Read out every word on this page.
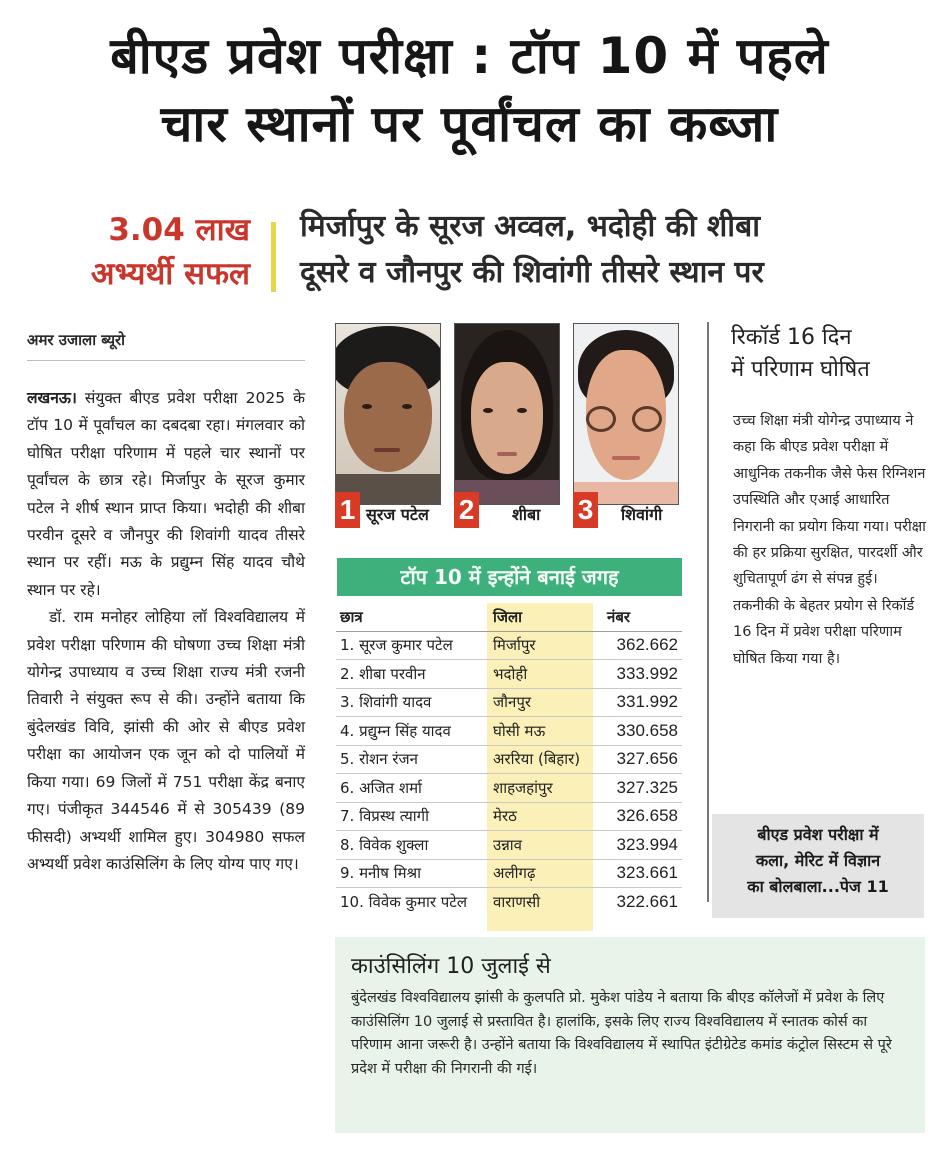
बीएड प्रवेश परीक्षा : टॉप 10 में पहले
चार स्थानों पर पूर्वांचल का कब्जा
3.04 लाख
अभ्यर्थी सफल
मिर्जापुर के सूरज अव्वल, भदोही की शीबा
दूसरे व जौनपुर की शिवांगी तीसरे स्थान पर
अमर उजाला ब्यूरो

लखनऊ। संयुक्त बीएड प्रवेश परीक्षा 2025 के टॉप 10 में पूर्वांचल का दबदबा रहा। मंगलवार को घोषित परीक्षा परिणाम में पहले चार स्थानों पर पूर्वांचल के छात्र रहे। मिर्जापुर के सूरज कुमार पटेल ने शीर्ष स्थान प्राप्त किया। भदोही की शीबा परवीन दूसरे व जौनपुर की शिवांगी यादव तीसरे स्थान पर रहीं। मऊ के प्रद्युम्न सिंह यादव चौथे स्थान पर रहे।

डॉ. राम मनोहर लोहिया लॉ विश्वविद्यालय में प्रवेश परीक्षा परिणाम की घोषणा उच्च शिक्षा मंत्री योगेन्द्र उपाध्याय व उच्च शिक्षा राज्य मंत्री रजनी तिवारी ने संयुक्त रूप से की। उन्होंने बताया कि बुंदेलखंड विवि, झांसी की ओर से बीएड प्रवेश परीक्षा का आयोजन एक जून को दो पालियों में किया गया। 69 जिलों में 751 परीक्षा केंद्र बनाए गए। पंजीकृत 344546 में से 305439 (89 फीसदी) अभ्यर्थी शामिल हुए। 304980 सफल अभ्यर्थी प्रवेश काउंसिलिंग के लिए योग्य पाए गए।

1 सूरज पटेल 2 शीबा 3 शिवांगी
टॉप 10 में इन्होंने बनाई जगह
छात्र	जिला	नंबर
1. सूरज कुमार पटेल	मिर्जापुर	362.662
2. शीबा परवीन	भदोही	333.992
3. शिवांगी यादव	जौनपुर	331.992
4. प्रद्युम्न सिंह यादव	घोसी मऊ	330.658
5. रोशन रंजन	अररिया (बिहार)	327.656
6. अजित शर्मा	शाहजहांपुर	327.325
7. विप्रस्थ त्यागी	मेरठ	326.658
8. विवेक शुक्ला	उन्नाव	323.994
9. मनीष मिश्रा	अलीगढ़	323.661
10. विवेक कुमार पटेल	वाराणसी	322.661
रिकॉर्ड 16 दिन
में परिणाम घोषित
उच्च शिक्षा मंत्री योगेन्द्र उपाध्याय ने कहा कि बीएड प्रवेश परीक्षा में आधुनिक तकनीक जैसे फेस रिग्निशन उपस्थिति और एआई आधारित निगरानी का प्रयोग किया गया। परीक्षा की हर प्रक्रिया सुरक्षित, पारदर्शी और शुचितापूर्ण ढंग से संपन्न हुई। तकनीकी के बेहतर प्रयोग से रिकॉर्ड 16 दिन में प्रवेश परीक्षा परिणाम घोषित किया गया है।
बीएड प्रवेश परीक्षा में
कला, मेरिट में विज्ञान
का बोलबाला...पेज 11
काउंसिलिंग 10 जुलाई से

बुंदेलखंड विश्वविद्यालय झांसी के कुलपति प्रो. मुकेश पांडेय ने बताया कि बीएड कॉलेजों में प्रवेश के लिए काउंसिलिंग 10 जुलाई से प्रस्तावित है। हालांकि, इसके लिए राज्य विश्वविद्यालय में स्नातक कोर्स का परिणाम आना जरूरी है। उन्होंने बताया कि विश्वविद्यालय में स्थापित इंटीग्रेटेड कमांड कंट्रोल सिस्टम से पूरे प्रदेश में परीक्षा की निगरानी की गई।
